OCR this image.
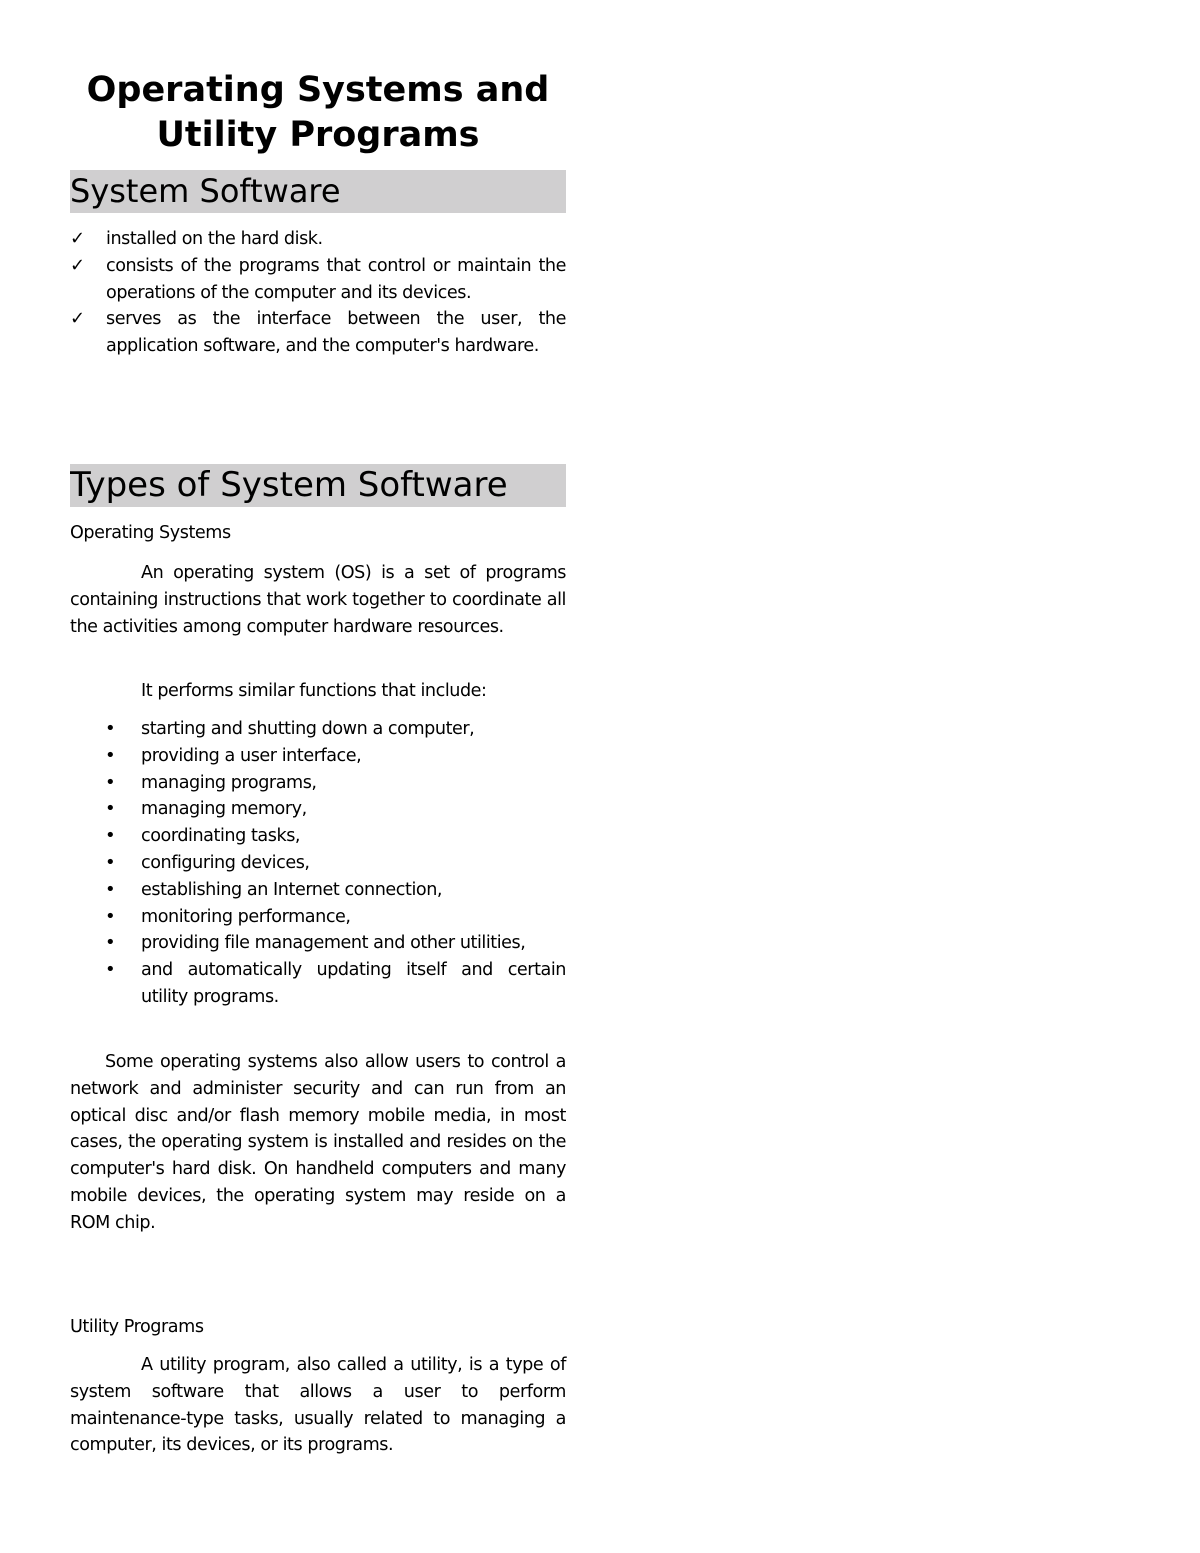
Operating Systems and Utility Programs
System Software
✓ installed on the hard disk.
✓ consists of the programs that control or maintain the operations of the computer and its devices.
✓ serves as the interface between the user, the application software, and the computer's hardware.
Types of System Software
Operating Systems

An operating system (OS) is a set of programs containing instructions that work together to coordinate all the activities among computer hardware resources.

It performs similar functions that include:

• starting and shutting down a computer,
• providing a user interface,
• managing programs,
• managing memory,
• coordinating tasks,
• configuring devices,
• establishing an Internet connection,
• monitoring performance,
• providing file management and other utilities,
• and automatically updating itself and certain utility programs.

Some operating systems also allow users to control a network and administer security and can run from an optical disc and/or flash memory mobile media, in most cases, the operating system is installed and resides on the computer's hard disk. On handheld computers and many mobile devices, the operating system may reside on a ROM chip.

Utility Programs

A utility program, also called a utility, is a type of system software that allows a user to perform maintenance-type tasks, usually related to managing a computer, its devices, or its programs.
